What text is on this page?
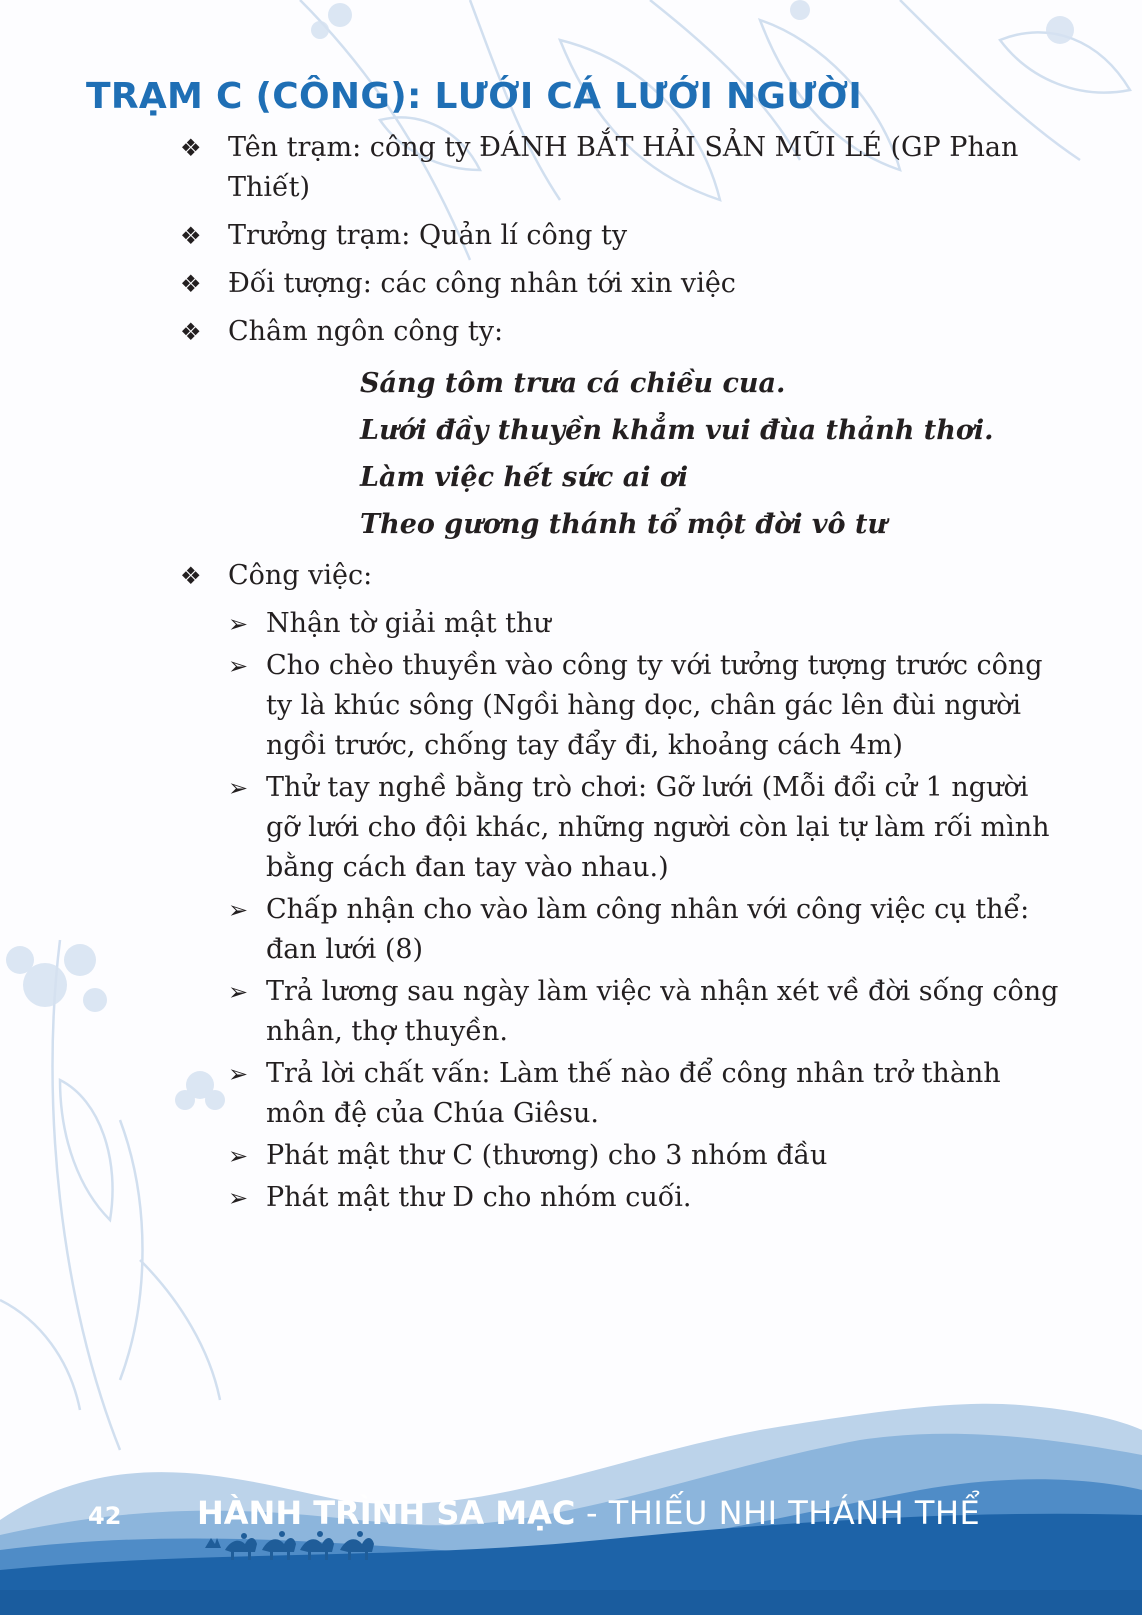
TRẠM C (CÔNG): LƯỚI CÁ LƯỚI NGƯỜI
❖ Tên trạm: công ty ĐÁNH BẮT HẢI SẢN MŨI LÉ (GP Phan Thiết)
❖ Trưởng trạm: Quản lí công ty
❖ Đối tượng: các công nhân tới xin việc
❖ Châm ngôn công ty:
Sáng tôm trưa cá chiều cua.
Lưới đầy thuyền khẳm vui đùa thảnh thơi.
Làm việc hết sức ai ơi
Theo gương thánh tổ một đời vô tư
❖ Công việc:
➢ Nhận tờ giải mật thư
➢ Cho chèo thuyền vào công ty với tưởng tượng trước công ty là khúc sông (Ngồi hàng dọc, chân gác lên đùi người ngồi trước, chống tay đẩy đi, khoảng cách 4m)
➢ Thử tay nghề bằng trò chơi: Gỡ lưới (Mỗi đổi cử 1 người gỡ lưới cho đội khác, những người còn lại tự làm rối mình bằng cách đan tay vào nhau.)
➢ Chấp nhận cho vào làm công nhân với công việc cụ thể: đan lưới (8)
➢ Trả lương sau ngày làm việc và nhận xét về đời sống công nhân, thợ thuyền.
➢ Trả lời chất vấn: Làm thế nào để công nhân trở thành môn đệ của Chúa Giêsu.
➢ Phát mật thư C (thương) cho 3 nhóm đầu
➢ Phát mật thư D cho nhóm cuối.
42 HÀNH TRÌNH SA MẠC - THIẾU NHI THÁNH THỂ
